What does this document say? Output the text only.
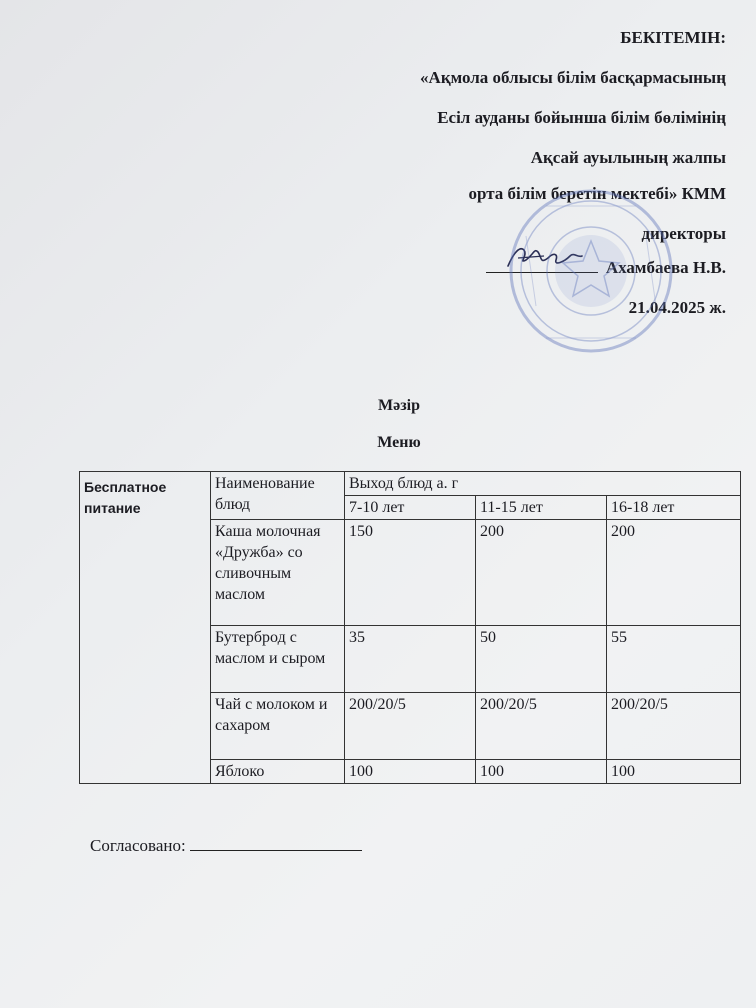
БЕКІТЕМІН:
«Ақмола облысы білім басқармасының
Есіл ауданы бойынша білім бөлімінің
Ақсай ауылының жалпы
орта білім беретін мектебі» КММ
директоры
Ахамбаева Н.В.
21.04.2025 ж.
Мәзір
Меню
Бесплатное питание	Наименование блюд	Выход блюд а. г		
		7-10 лет	11-15 лет	16-18 лет
	Каша молочная «Дружба» со сливочным маслом	150	200	200
	Бутерброд с маслом и сыром	35	50	55
	Чай с молоком и сахаром	200/20/5	200/20/5	200/20/5
	Яблоко	100	100	100
Согласовано:
